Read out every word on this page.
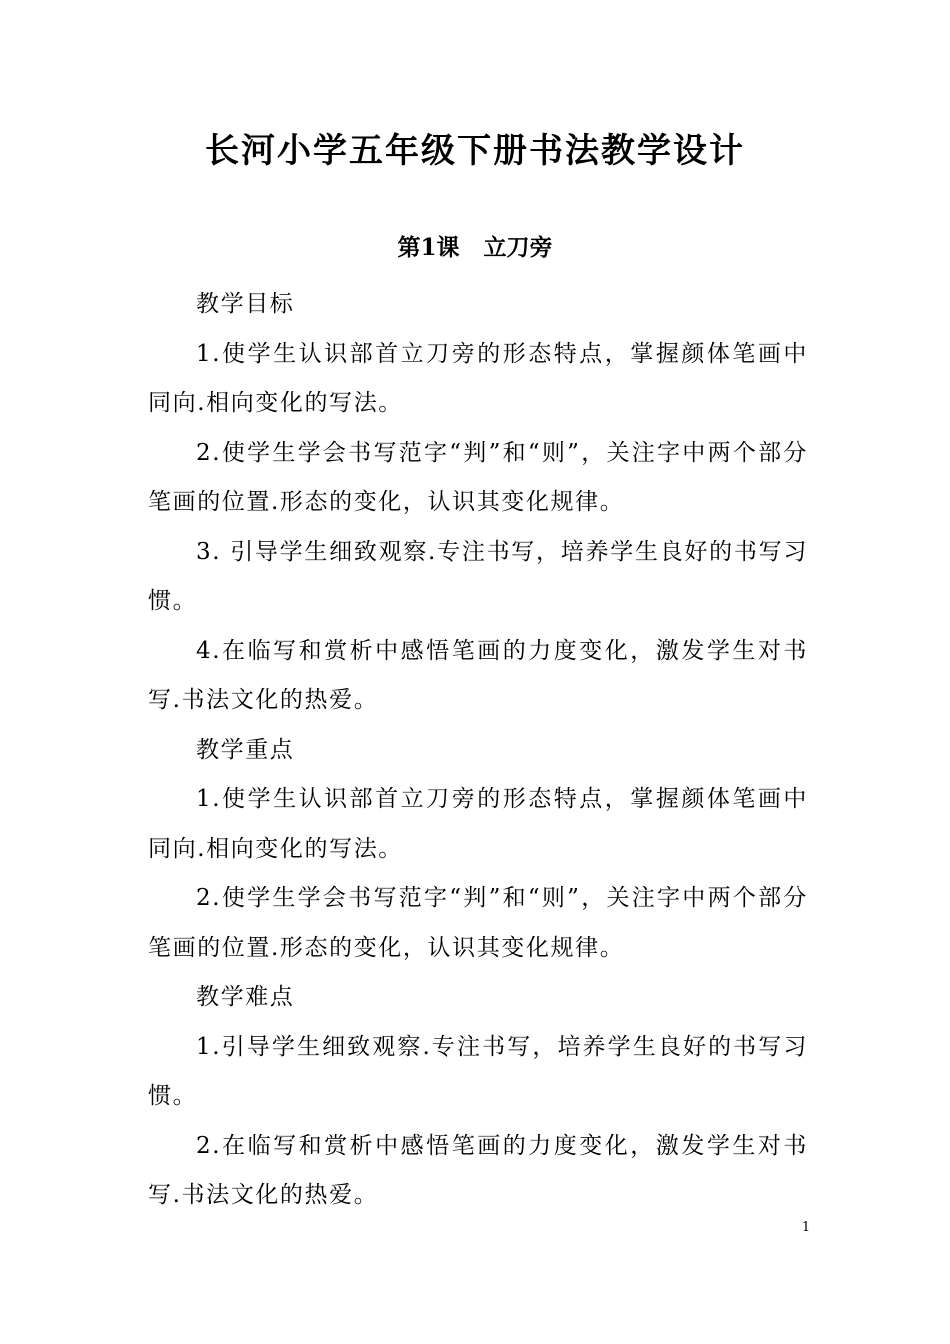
长河小学五年级下册书法教学设计
第1课   立刀旁

教学目标

1.使学生认识部首立刀旁的形态特点，掌握颜体笔画中同向.相向变化的写法。

2.使学生学会书写范字“判”和“则”，关注字中两个部分笔画的位置.形态的变化，认识其变化规律。

3. 引导学生细致观察.专注书写，培养学生良好的书写习惯。

4.在临写和赏析中感悟笔画的力度变化，激发学生对书写.书法文化的热爱。

教学重点

1.使学生认识部首立刀旁的形态特点，掌握颜体笔画中同向.相向变化的写法。

2.使学生学会书写范字“判”和“则”，关注字中两个部分笔画的位置.形态的变化，认识其变化规律。

教学难点

1.引导学生细致观察.专注书写，培养学生良好的书写习惯。

2.在临写和赏析中感悟笔画的力度变化，激发学生对书写.书法文化的热爱。

1
